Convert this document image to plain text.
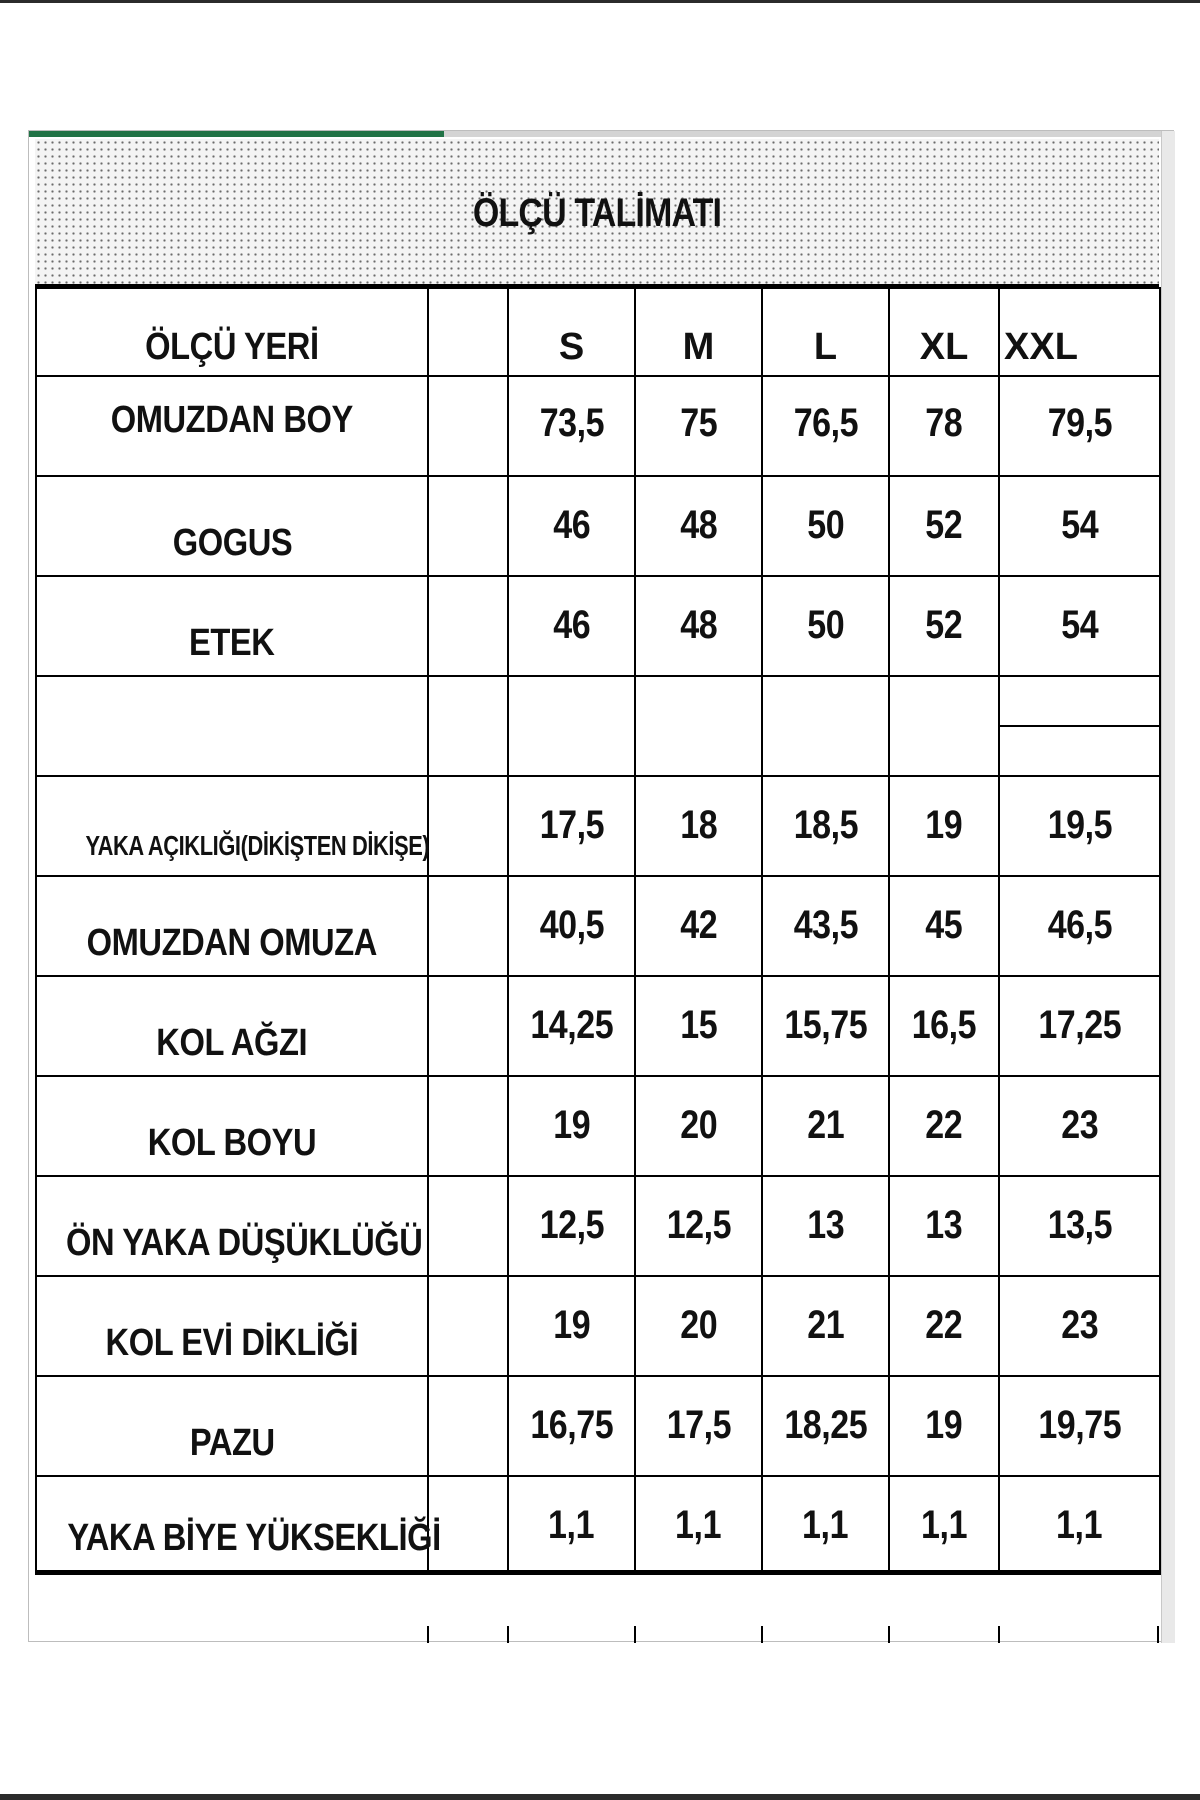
ÖLÇÜ TALİMATI
ÖLÇÜ YERİ		S	M	L	XL	XXL
OMUZDAN BOY		73,5	75	76,5	78	79,5
GOGUS		46	48	50	52	54
ETEK		46	48	50	52	54

YAKA AÇIKLIĞI(DİKİŞTEN DİKİŞE)		17,5	18	18,5	19	19,5
OMUZDAN OMUZA		40,5	42	43,5	45	46,5
KOL AĞZI		14,25	15	15,75	16,5	17,25
KOL BOYU		19	20	21	22	23
ÖN YAKA DÜŞÜKLÜĞÜ		12,5	12,5	13	13	13,5
KOL EVİ DİKLİĞİ		19	20	21	22	23
PAZU		16,75	17,5	18,25	19	19,75
YAKA BİYE YÜKSEKLİĞİ		1,1	1,1	1,1	1,1	1,1
